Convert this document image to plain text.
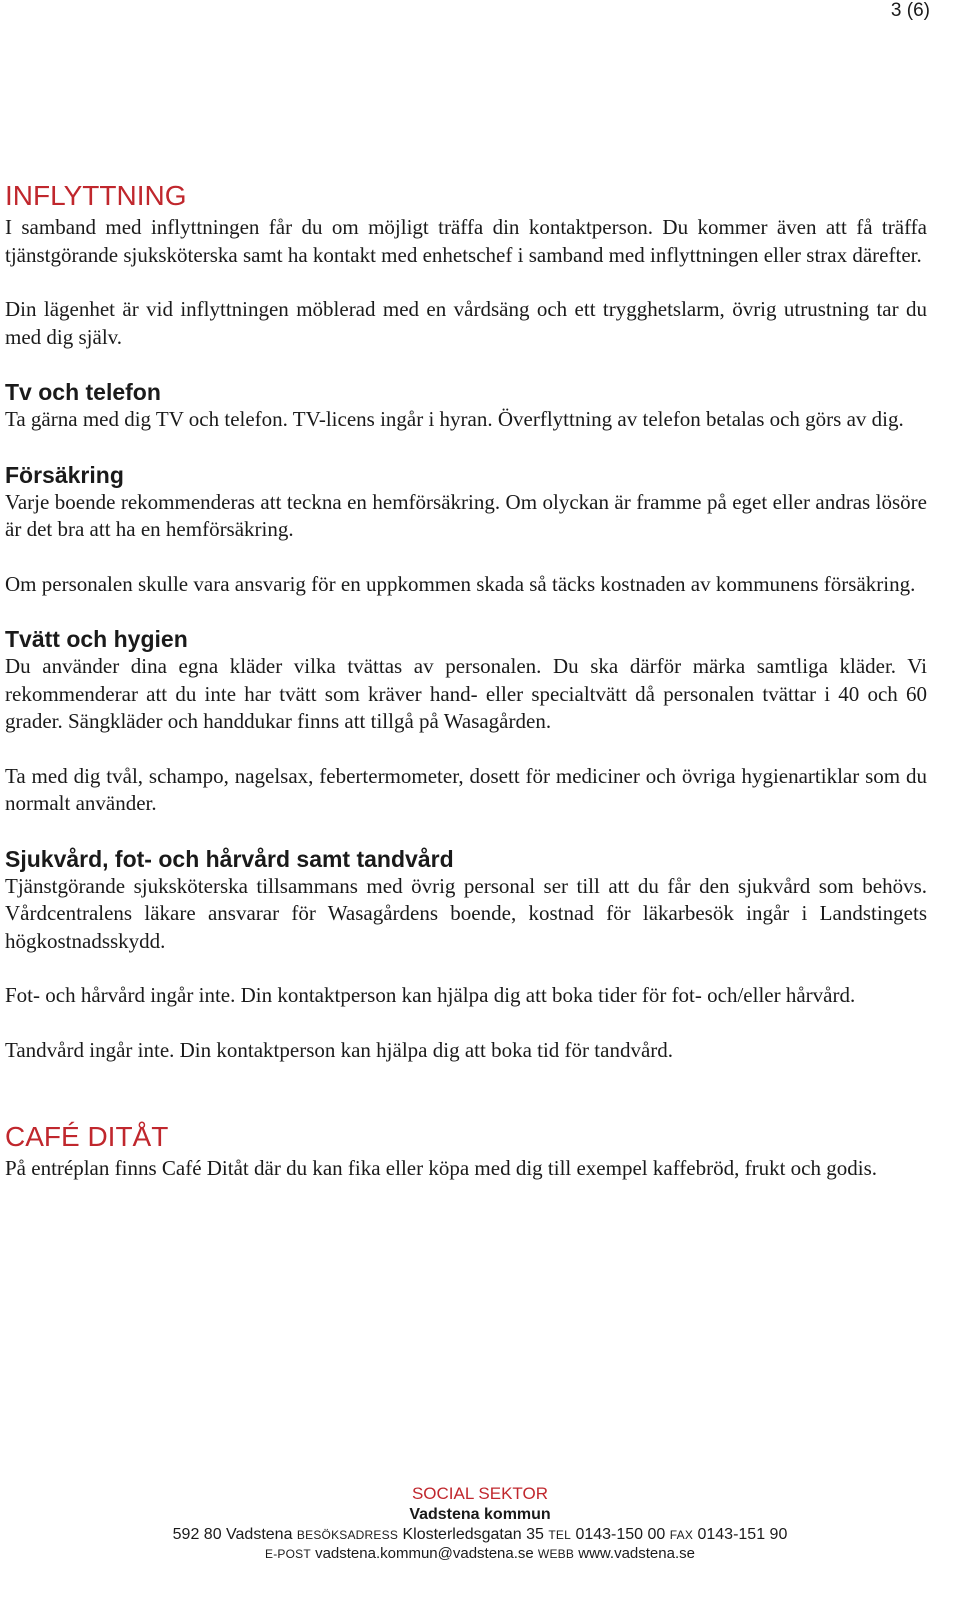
3 (6)
INFLYTTNING

I samband med inflyttningen får du om möjligt träffa din kontaktperson. Du kommer även att få träffa tjänstgörande sjuksköterska samt ha kontakt med enhetschef i samband med inflyttningen eller strax därefter.

Din lägenhet är vid inflyttningen möblerad med en vårdsäng och ett trygghetslarm, övrig utrustning tar du med dig själv.

Tv och telefon

Ta gärna med dig TV och telefon. TV-licens ingår i hyran. Överflyttning av telefon betalas och görs av dig.

Försäkring

Varje boende rekommenderas att teckna en hemförsäkring. Om olyckan är framme på eget eller andras lösöre är det bra att ha en hemförsäkring.

Om personalen skulle vara ansvarig för en uppkommen skada så täcks kostnaden av kommunens försäkring.

Tvätt och hygien

Du använder dina egna kläder vilka tvättas av personalen. Du ska därför märka samtliga kläder. Vi rekommenderar att du inte har tvätt som kräver hand- eller specialtvätt då personalen tvättar i 40 och 60 grader. Sängkläder och handdukar finns att tillgå på Wasagården.

Ta med dig tvål, schampo, nagelsax, febertermometer, dosett för mediciner och övriga hygienartiklar som du normalt använder.

Sjukvård, fot- och hårvård samt tandvård

Tjänstgörande sjuksköterska tillsammans med övrig personal ser till att du får den sjukvård som behövs. Vårdcentralens läkare ansvarar för Wasagårdens boende, kostnad för läkarbesök ingår i Landstingets högkostnadsskydd.

Fot- och hårvård ingår inte. Din kontaktperson kan hjälpa dig att boka tider för fot- och/eller hårvård.

Tandvård ingår inte. Din kontaktperson kan hjälpa dig att boka tid för tandvård.

CAFÉ DITÅT

På entréplan finns Café Ditåt där du kan fika eller köpa med dig till exempel kaffebröd, frukt och godis.

SOCIAL SEKTOR
Vadstena kommun
592 80 Vadstena BESÖKSADRESS Klosterledsgatan 35 TEL 0143-150 00 FAX 0143-151 90
E-POST vadstena.kommun@vadstena.se WEBB www.vadstena.se
